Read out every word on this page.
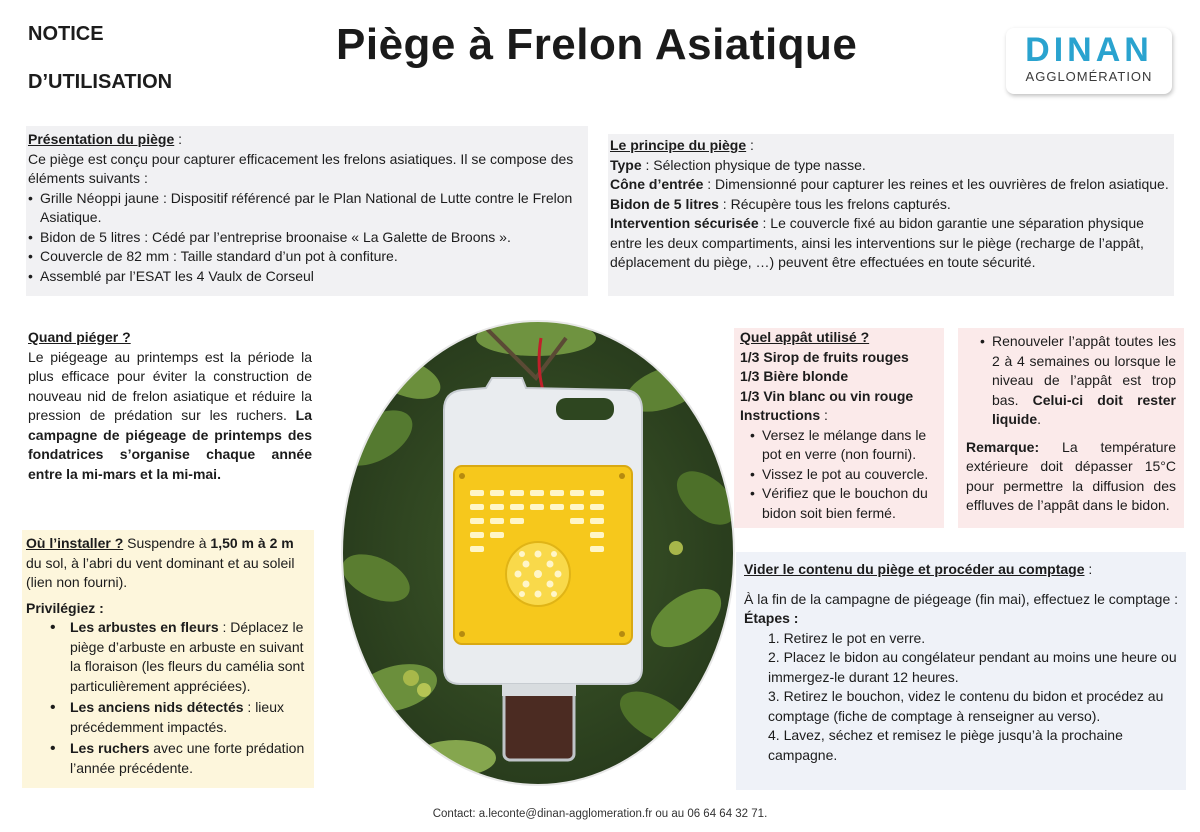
NOTICE
D’UTILISATION
Piège à Frelon Asiatique	DINAN
AGGLOMÉRATION
Présentation du piège :
Ce piège est conçu pour capturer efficacement les frelons asiatiques. Il se compose des éléments suivants :
• Grille Néoppi jaune : Dispositif référencé par le Plan National de Lutte contre le Frelon Asiatique.
• Bidon de 5 litres : Cédé par l’entreprise broonaise « La Galette de Broons ».
• Couvercle de 82 mm : Taille standard d’un pot à confiture.
• Assemblé par l’ESAT les 4 Vaulx de Corseul
Le principe du piège :
Type : Sélection physique de type nasse.
Cône d’entrée : Dimensionné pour capturer les reines et les ouvrières de frelon asiatique.
Bidon de 5 litres : Récupère tous les frelons capturés.
Intervention sécurisée : Le couvercle fixé au bidon garantie une séparation physique entre les deux compartiments, ainsi les interventions sur le piège (recharge de l’appât, déplacement du piège, …) peuvent être effectuées en toute sécurité.
Quand piéger ?
Le piégeage au printemps est la période la plus efficace pour éviter la construction de nouveau nid de frelon asiatique et réduire la pression de prédation sur les ruchers. La campagne de piégeage de printemps des fondatrices s’organise chaque année entre la mi-mars et la mi-mai.
Quel appât utilisé ?
1/3 Sirop de fruits rouges
1/3 Bière blonde
1/3 Vin blanc ou vin rouge
Instructions :
• Versez le mélange dans le pot en verre (non fourni).
• Vissez le pot au couvercle.
• Vérifiez que le bouchon du bidon soit bien fermé.
• Renouveler l’appât toutes les 2 à 4 semaines ou lorsque le niveau de l’appât est trop bas. Celui-ci doit rester liquide.
Remarque: La température extérieure doit dépasser 15°C pour permettre la diffusion des effluves de l’appât dans le bidon.
Où l’installer ? Suspendre à 1,50 m à 2 m du sol, à l’abri du vent dominant et au soleil (lien non fourni).
Privilégiez :
• Les arbustes en fleurs : Déplacez le piège d’arbuste en arbuste en suivant la floraison (les fleurs du camélia sont particulièrement appréciées).
• Les anciens nids détectés : lieux précédemment impactés.
• Les ruchers avec une forte prédation l’année précédente.
Vider le contenu du piège et procéder au comptage :
À la fin de la campagne de piégeage (fin mai), effectuez le comptage :
Étapes :
1. Retirez le pot en verre.
2. Placez le bidon au congélateur pendant au moins une heure ou immergez-le durant 12 heures.
3. Retirez le bouchon, videz le contenu du bidon et procédez au comptage (fiche de comptage à renseigner au verso).
4. Lavez, séchez et remisez le piège jusqu’à la prochaine campagne.
Contact: a.leconte@dinan-agglomeration.fr ou au 06 64 64 32 71.
